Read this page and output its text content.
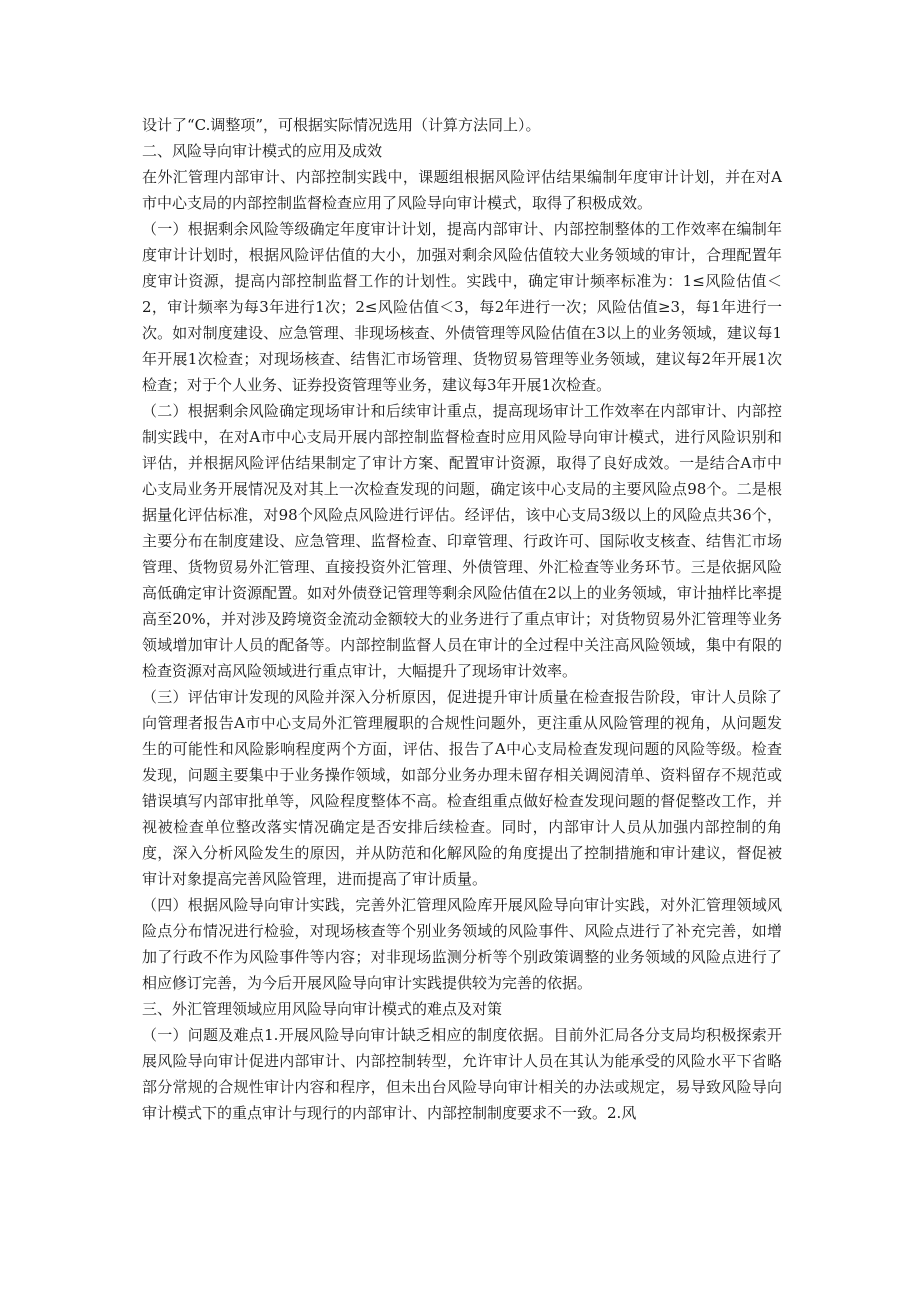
设计了“C.调整项”，可根据实际情况选用（计算方法同上）。

二、风险导向审计模式的应用及成效

在外汇管理内部审计、内部控制实践中，课题组根据风险评估结果编制年度审计计划，并在对A市中心支局的内部控制监督检查应用了风险导向审计模式，取得了积极成效。

（一）根据剩余风险等级确定年度审计计划，提高内部审计、内部控制整体的工作效率在编制年度审计计划时，根据风险评估值的大小，加强对剩余风险估值较大业务领域的审计，合理配置年度审计资源，提高内部控制监督工作的计划性。实践中，确定审计频率标准为：1≤风险估值＜2，审计频率为每3年进行1次；2≤风险估值＜3，每2年进行一次；风险估值≥3，每1年进行一次。如对制度建设、应急管理、非现场核查、外债管理等风险估值在3以上的业务领域，建议每1年开展1次检查；对现场核查、结售汇市场管理、货物贸易管理等业务领域，建议每2年开展1次检查；对于个人业务、证券投资管理等业务，建议每3年开展1次检查。

（二）根据剩余风险确定现场审计和后续审计重点，提高现场审计工作效率在内部审计、内部控制实践中，在对A市中心支局开展内部控制监督检查时应用风险导向审计模式，进行风险识别和评估，并根据风险评估结果制定了审计方案、配置审计资源，取得了良好成效。一是结合A市中心支局业务开展情况及对其上一次检查发现的问题，确定该中心支局的主要风险点98个。二是根据量化评估标准，对98个风险点风险进行评估。经评估，该中心支局3级以上的风险点共36个，主要分布在制度建设、应急管理、监督检查、印章管理、行政许可、国际收支核查、结售汇市场管理、货物贸易外汇管理、直接投资外汇管理、外债管理、外汇检查等业务环节。三是依据风险高低确定审计资源配置。如对外债登记管理等剩余风险估值在2以上的业务领域，审计抽样比率提高至20%，并对涉及跨境资金流动金额较大的业务进行了重点审计；对货物贸易外汇管理等业务领域增加审计人员的配备等。内部控制监督人员在审计的全过程中关注高风险领域，集中有限的检查资源对高风险领域进行重点审计，大幅提升了现场审计效率。

（三）评估审计发现的风险并深入分析原因，促进提升审计质量在检查报告阶段，审计人员除了向管理者报告A市中心支局外汇管理履职的合规性问题外，更注重从风险管理的视角，从问题发生的可能性和风险影响程度两个方面，评估、报告了A中心支局检查发现问题的风险等级。检查发现，问题主要集中于业务操作领域，如部分业务办理未留存相关调阅清单、资料留存不规范或错误填写内部审批单等，风险程度整体不高。检查组重点做好检查发现问题的督促整改工作，并视被检查单位整改落实情况确定是否安排后续检查。同时，内部审计人员从加强内部控制的角度，深入分析风险发生的原因，并从防范和化解风险的角度提出了控制措施和审计建议，督促被审计对象提高完善风险管理，进而提高了审计质量。

（四）根据风险导向审计实践，完善外汇管理风险库开展风险导向审计实践，对外汇管理领域风险点分布情况进行检验，对现场核查等个别业务领域的风险事件、风险点进行了补充完善，如增加了行政不作为风险事件等内容；对非现场监测分析等个别政策调整的业务领域的风险点进行了相应修订完善，为今后开展风险导向审计实践提供较为完善的依据。

三、外汇管理领域应用风险导向审计模式的难点及对策

（一）问题及难点1.开展风险导向审计缺乏相应的制度依据。目前外汇局各分支局均积极探索开展风险导向审计促进内部审计、内部控制转型，允许审计人员在其认为能承受的风险水平下省略部分常规的合规性审计内容和程序，但未出台风险导向审计相关的办法或规定，易导致风险导向审计模式下的重点审计与现行的内部审计、内部控制制度要求不一致。2.风
